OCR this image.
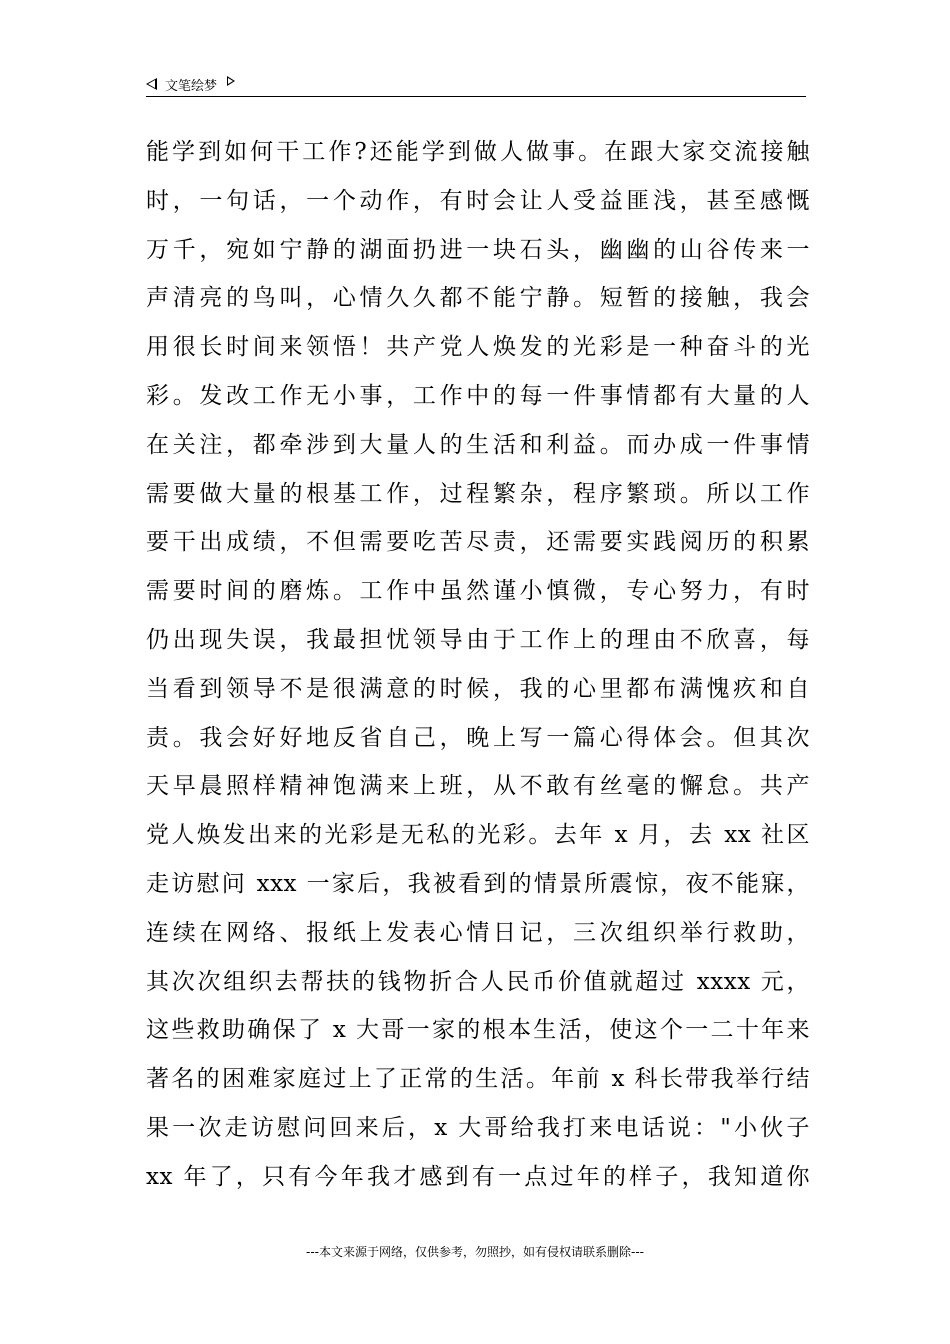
文笔绘梦
能学到如何干工作?还能学到做人做事。在跟大家交流接触
时，一句话，一个动作，有时会让人受益匪浅，甚至感慨
万千，宛如宁静的湖面扔进一块石头，幽幽的山谷传来一
声清亮的鸟叫，心情久久都不能宁静。短暂的接触，我会
用很长时间来领悟！共产党人焕发的光彩是一种奋斗的光
彩。发改工作无小事，工作中的每一件事情都有大量的人
在关注，都牵涉到大量人的生活和利益。而办成一件事情
需要做大量的根基工作，过程繁杂，程序繁琐。所以工作
要干出成绩，不但需要吃苦尽责，还需要实践阅历的积累
需要时间的磨炼。工作中虽然谨小慎微，专心努力，有时
仍出现失误，我最担忧领导由于工作上的理由不欣喜，每
当看到领导不是很满意的时候，我的心里都布满愧疚和自
责。我会好好地反省自己，晚上写一篇心得体会。但其次
天早晨照样精神饱满来上班，从不敢有丝毫的懈怠。共产
党人焕发出来的光彩是无私的光彩。去年 x 月，去 xx 社区
走访慰问 xxx 一家后，我被看到的情景所震惊，夜不能寐，
连续在网络、报纸上发表心情日记，三次组织举行救助，
其次次组织去帮扶的钱物折合人民币价值就超过 xxxx 元，
这些救助确保了 x 大哥一家的根本生活，使这个一二十年来
著名的困难家庭过上了正常的生活。年前 x 科长带我举行结
果一次走访慰问回来后，x 大哥给我打来电话说："小伙子
xx 年了，只有今年我才感到有一点过年的样子，我知道你
---本文来源于网络，仅供参考，勿照抄，如有侵权请联系删除---
